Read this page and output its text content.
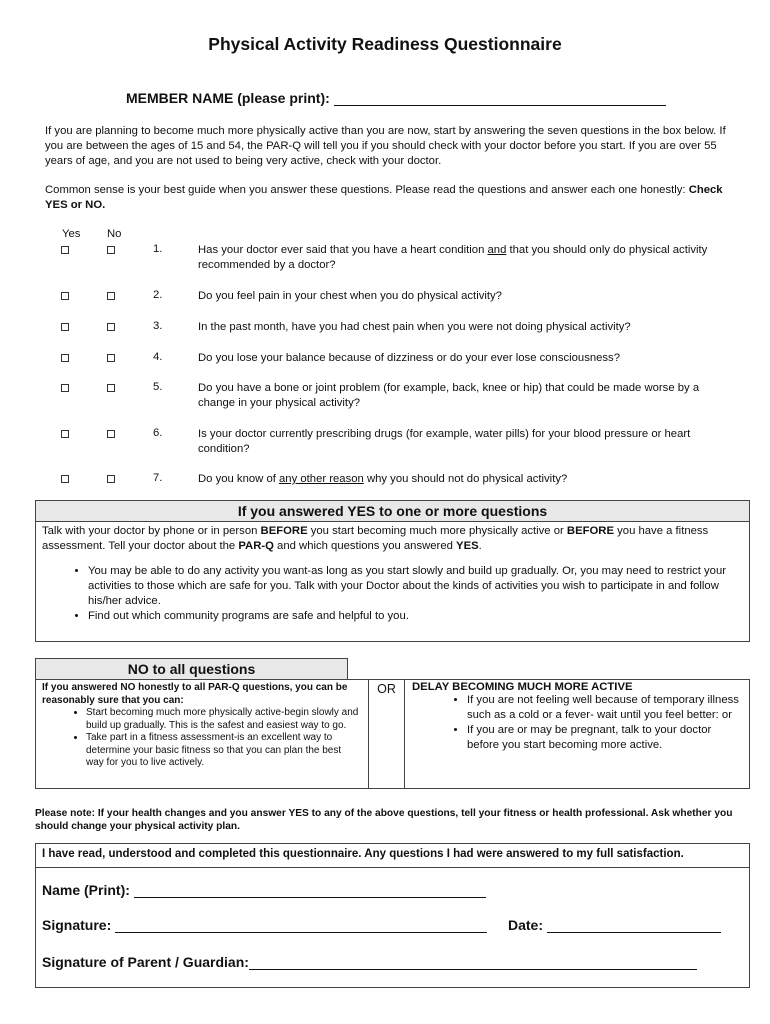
Physical Activity Readiness Questionnaire
MEMBER NAME (please print):
If you are planning to become much more physically active than you are now, start by answering the seven questions in the box below. If you are between the ages of 15 and 54, the PAR-Q will tell you if you should check with your doctor before you start. If you are over 55 years of age, and you are not used to being very active, check with your doctor.
Common sense is your best guide when you answer these questions. Please read the questions and answer each one honestly: Check YES or NO.
Yes No
1.	Has your doctor ever said that you have a heart condition and that you should only do physical activity recommended by a doctor?
2.	Do you feel pain in your chest when you do physical activity?
3.	In the past month, have you had chest pain when you were not doing physical activity?
4.	Do you lose your balance because of dizziness or do your ever lose consciousness?
5.	Do you have a bone or joint problem (for example, back, knee or hip) that could be made worse by a change in your physical activity?
6.	Is your doctor currently prescribing drugs (for example, water pills) for your blood pressure or heart condition?
7.	Do you know of any other reason why you should not do physical activity?
If you answered YES to one or more questions
Talk with your doctor by phone or in person BEFORE you start becoming much more physically active or BEFORE you have a fitness assessment. Tell your doctor about the PAR-Q and which questions you answered YES.
• You may be able to do any activity you want-as long as you start slowly and build up gradually. Or, you may need to restrict your activities to those which are safe for you. Talk with your Doctor about the kinds of activities you wish to participate in and follow his/her advice.
• Find out which community programs are safe and helpful to you.
NO to all questions
If you answered NO honestly to all PAR-Q questions, you can be reasonably sure that you can:
• Start becoming much more physically active-begin slowly and build up gradually. This is the safest and easiest way to go.
• Take part in a fitness assessment-is an excellent way to determine your basic fitness so that you can plan the best way for you to live actively.
OR	DELAY BECOMING MUCH MORE ACTIVE
• If you are not feeling well because of temporary illness such as a cold or a fever- wait until you feel better: or
• If you are or may be pregnant, talk to your doctor before you start becoming more active.
Please note: If your health changes and you answer YES to any of the above questions, tell your fitness or health professional. Ask whether you should change your physical activity plan.
I have read, understood and completed this questionnaire. Any questions I had were answered to my full satisfaction.
Name (Print):
Signature:	Date:
Signature of Parent / Guardian:
